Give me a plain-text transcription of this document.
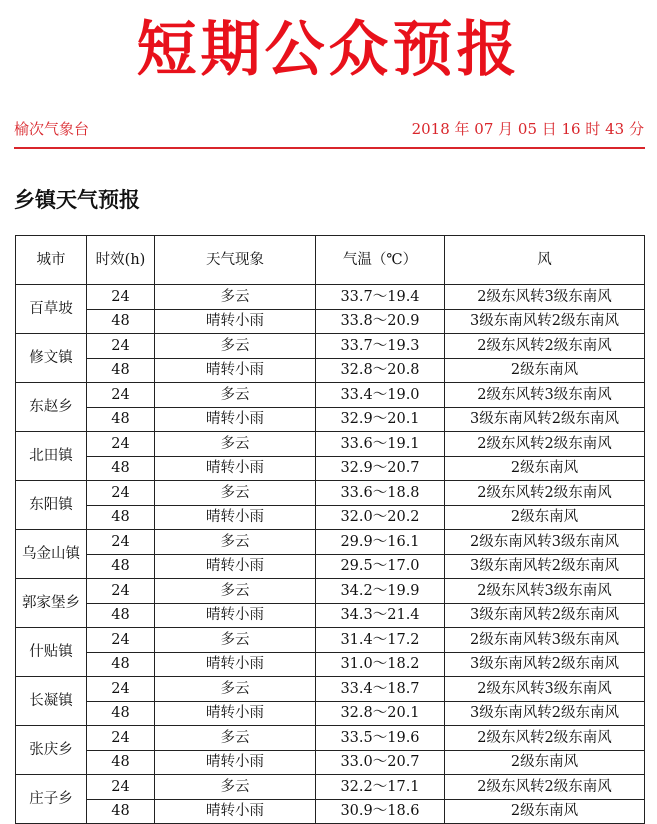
短期公众预报
榆次气象台	2018 年 07 月 05 日 16 时 43 分
乡镇天气预报
城市	时效(h)	天气现象	气温（℃）	风
百草坡	24	多云	33.7～19.4	2级东风转3级东南风
	48	晴转小雨	33.8～20.9	3级东南风转2级东南风
修文镇	24	多云	33.7～19.3	2级东风转2级东南风
	48	晴转小雨	32.8～20.8	2级东南风
东赵乡	24	多云	33.4～19.0	2级东风转3级东南风
	48	晴转小雨	32.9～20.1	3级东南风转2级东南风
北田镇	24	多云	33.6～19.1	2级东风转2级东南风
	48	晴转小雨	32.9～20.7	2级东南风
东阳镇	24	多云	33.6～18.8	2级东风转2级东南风
	48	晴转小雨	32.0～20.2	2级东南风
乌金山镇	24	多云	29.9～16.1	2级东南风转3级东南风
	48	晴转小雨	29.5～17.0	3级东南风转2级东南风
郭家堡乡	24	多云	34.2～19.9	2级东风转3级东南风
	48	晴转小雨	34.3～21.4	3级东南风转2级东南风
什贴镇	24	多云	31.4～17.2	2级东南风转3级东南风
	48	晴转小雨	31.0～18.2	3级东南风转2级东南风
长凝镇	24	多云	33.4～18.7	2级东风转3级东南风
	48	晴转小雨	32.8～20.1	3级东南风转2级东南风
张庆乡	24	多云	33.5～19.6	2级东风转2级东南风
	48	晴转小雨	33.0～20.7	2级东南风
庄子乡	24	多云	32.2～17.1	2级东风转2级东南风
	48	晴转小雨	30.9～18.6	2级东南风
